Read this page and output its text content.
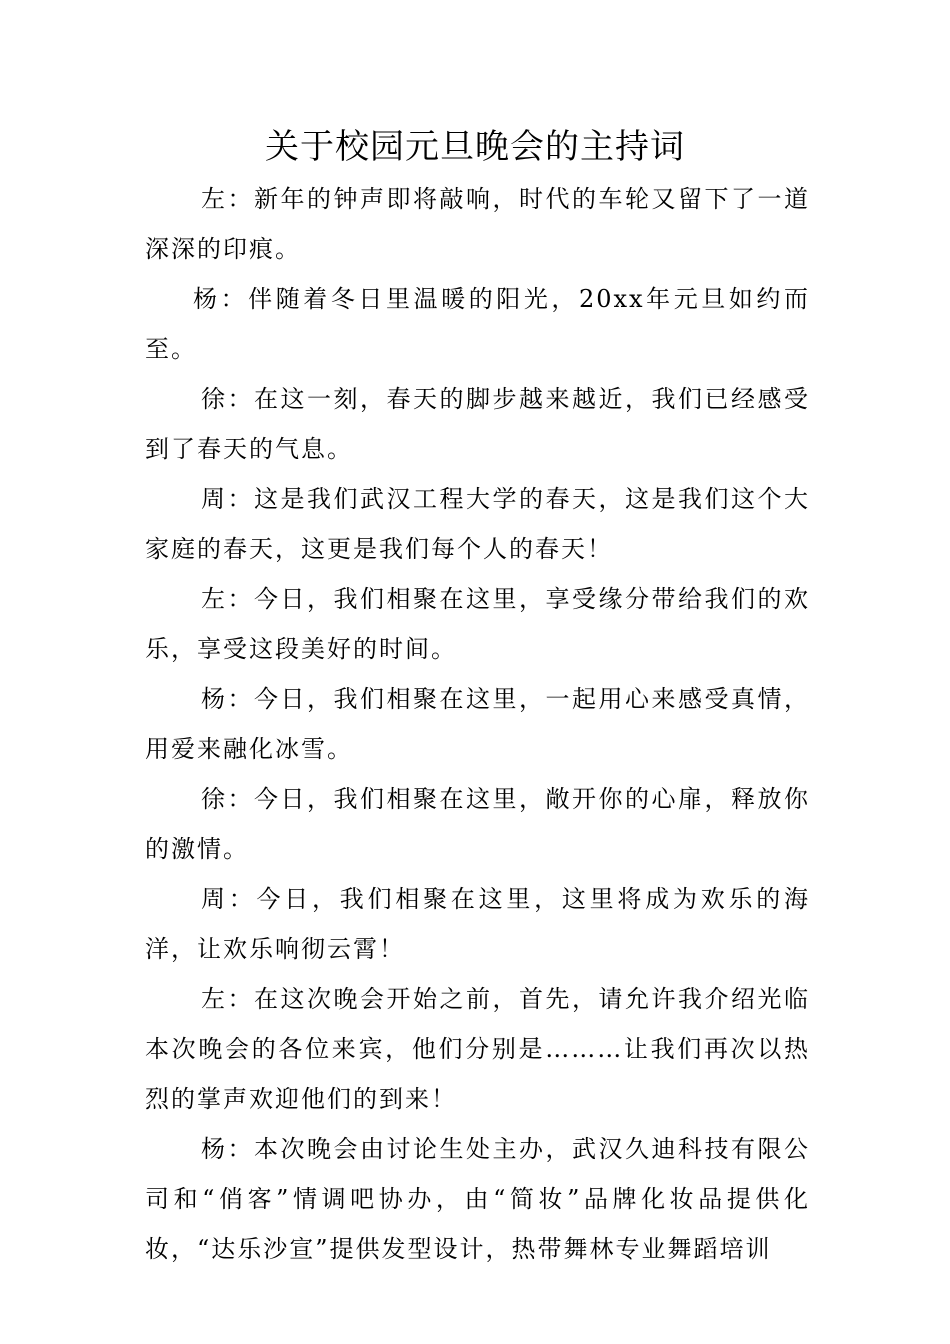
关于校园元旦晚会的主持词

左：新年的钟声即将敲响，时代的车轮又留下了一道深深的印痕。

杨：伴随着冬日里温暖的阳光，20xx年元旦如约而至。

徐：在这一刻，春天的脚步越来越近，我们已经感受到了春天的气息。

周：这是我们武汉工程大学的春天，这是我们这个大家庭的春天，这更是我们每个人的春天！

左：今日，我们相聚在这里，享受缘分带给我们的欢乐，享受这段美好的时间。

杨：今日，我们相聚在这里，一起用心来感受真情，用爱来融化冰雪。

徐：今日，我们相聚在这里，敞开你的心扉，释放你的激情。

周：今日，我们相聚在这里，这里将成为欢乐的海洋，让欢乐响彻云霄！

左：在这次晚会开始之前，首先，请允许我介绍光临本次晚会的各位来宾，他们分别是………让我们再次以热烈的掌声欢迎他们的到来！

杨：本次晚会由讨论生处主办，武汉久迪科技有限公司和“俏客”情调吧协办，由“简妆”品牌化妆品提供化妆，“达乐沙宣”提供发型设计，热带舞林专业舞蹈培训
